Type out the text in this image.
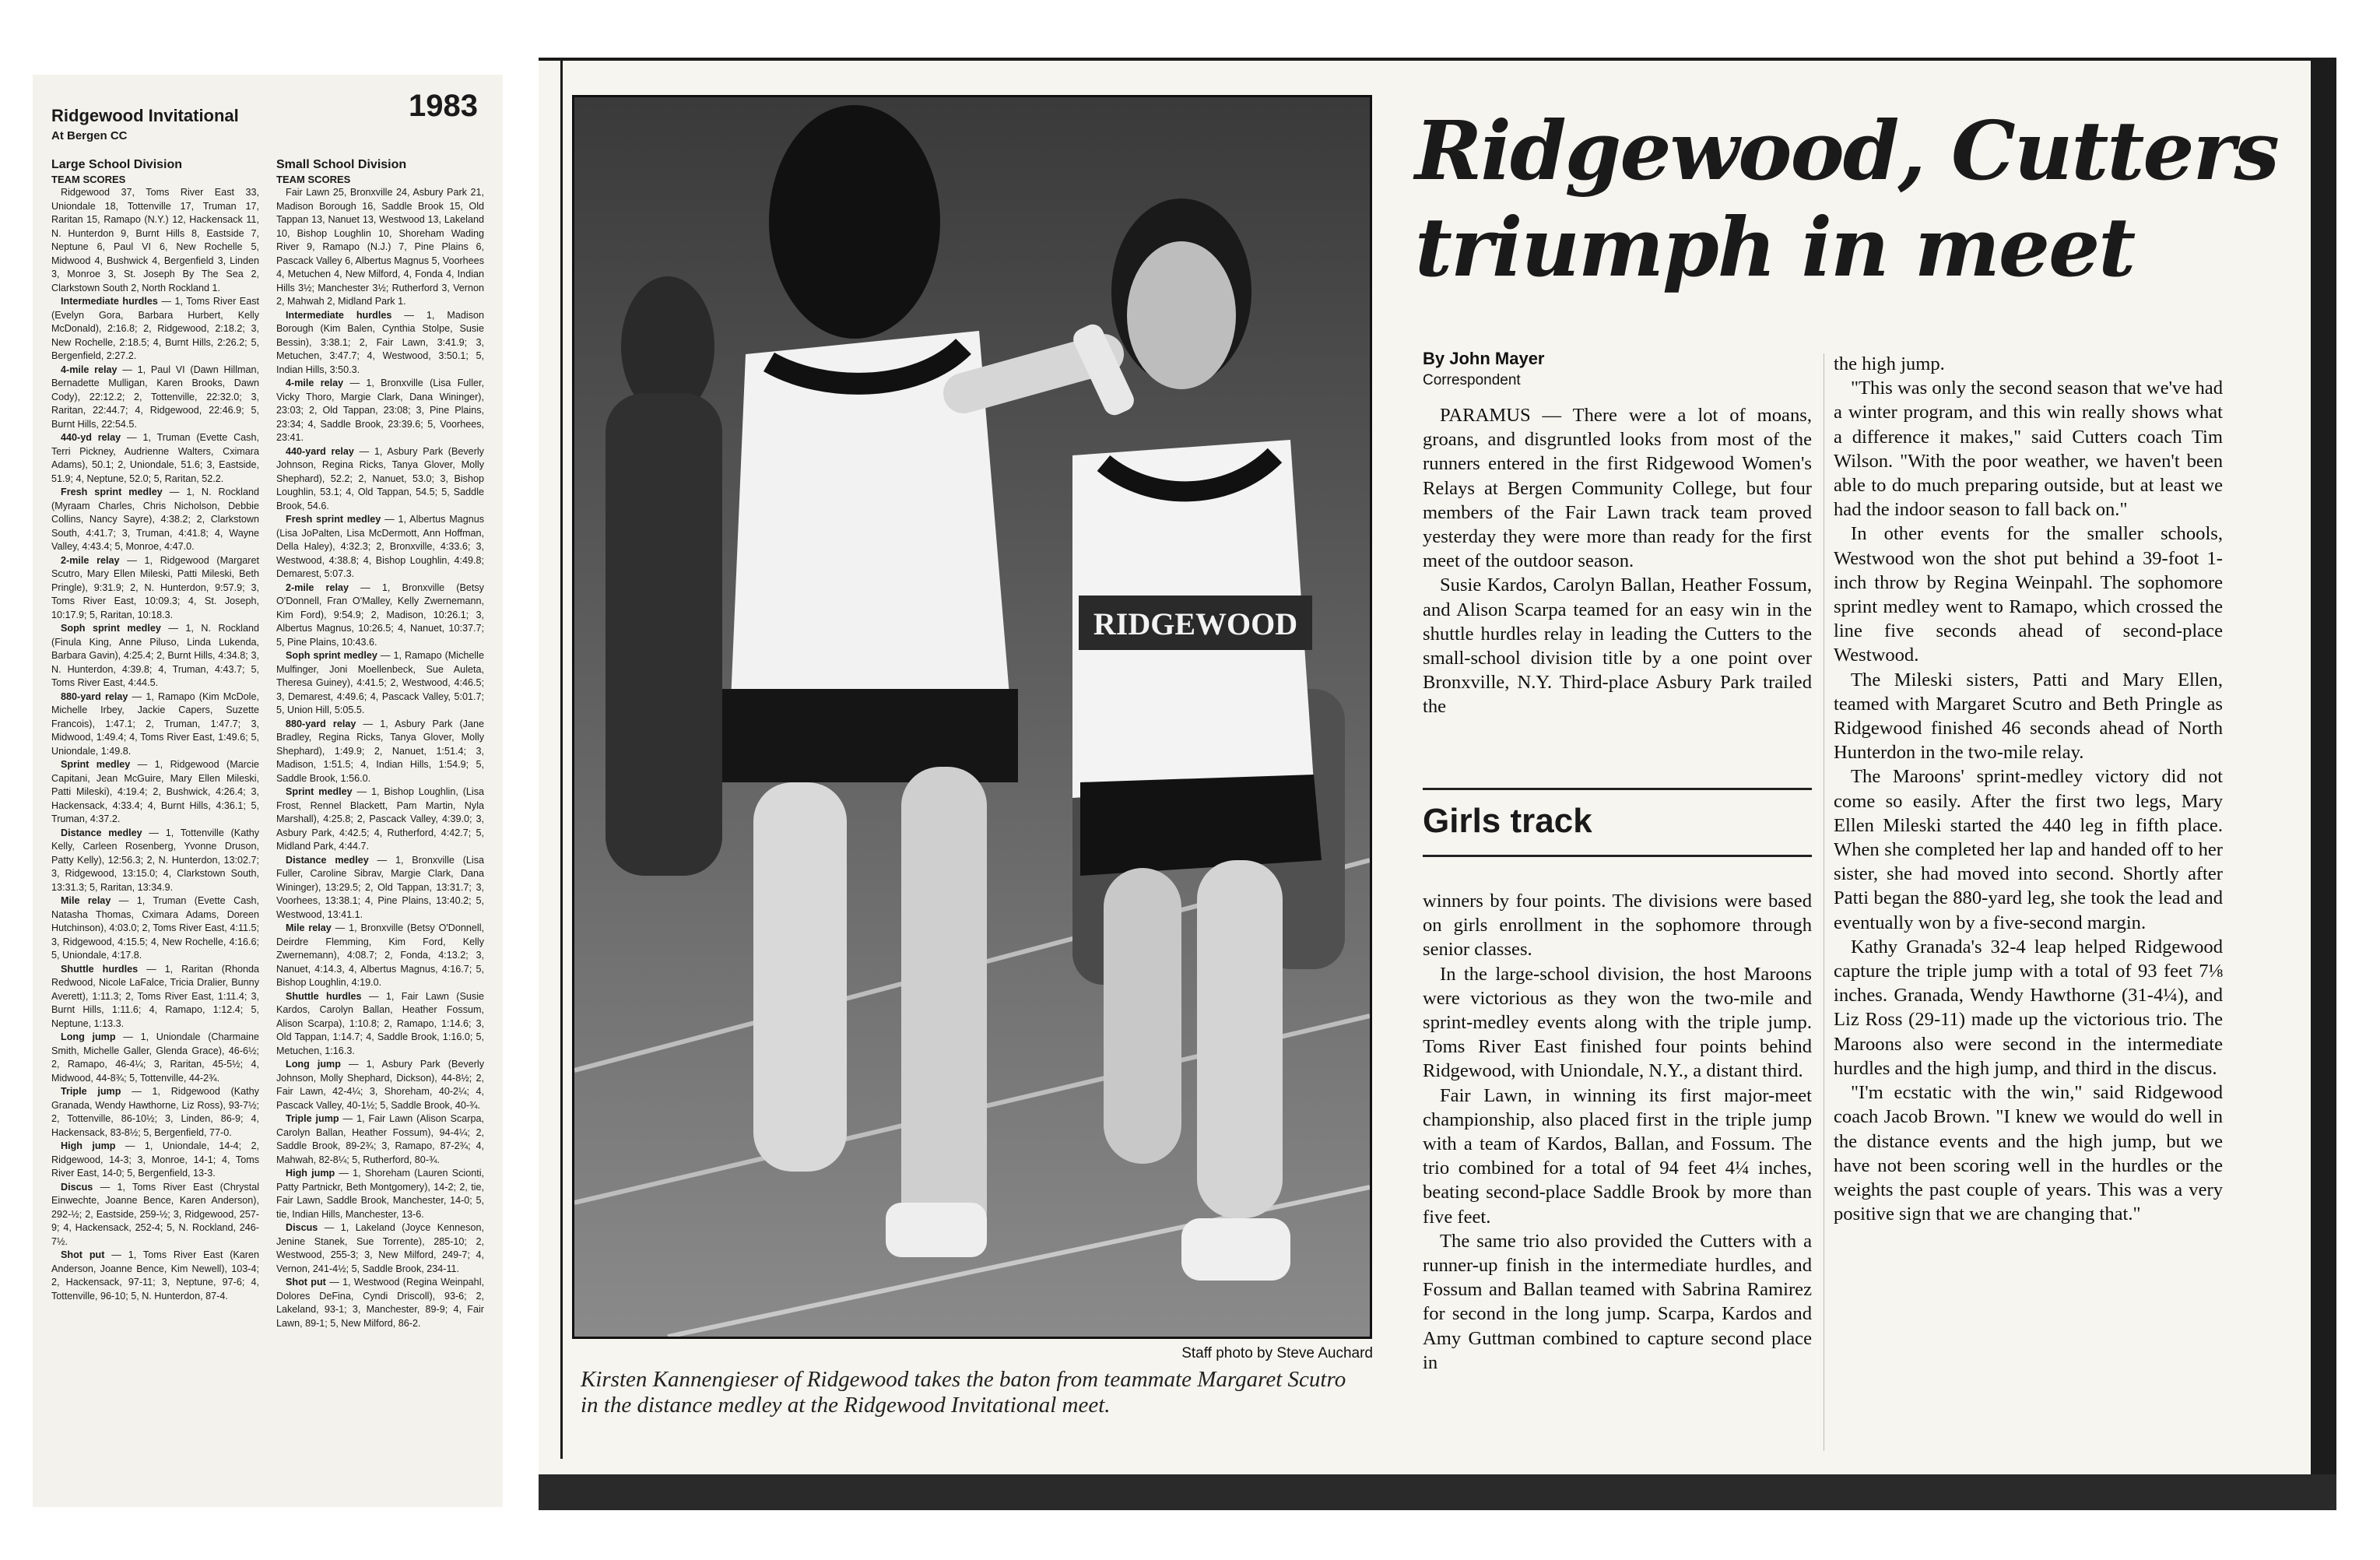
1983
Ridgewood Invitational
At Bergen CC
Large School Division
TEAM SCORES

Ridgewood 37, Toms River East 33, Uniondale 18, Tottenville 17, Truman 17, Raritan 15, Ramapo (N.Y.) 12, Hackensack 11, N. Hunterdon 9, Burnt Hills 8, Eastside 7, Neptune 6, Paul VI 6, New Rochelle 5, Midwood 4, Bushwick 4, Bergenfield 3, Linden 3, Monroe 3, St. Joseph By The Sea 2, Clarkstown South 2, North Rockland 1.

Intermediate hurdles — 1, Toms River East (Evelyn Gora, Barbara Hurbert, Kelly McDonald), 2:16.8; 2, Ridgewood, 2:18.2; 3, New Rochelle, 2:18.5; 4, Burnt Hills, 2:26.2; 5, Bergenfield, 2:27.2.

4-mile relay — 1, Paul VI (Dawn Hillman, Bernadette Mulligan, Karen Brooks, Dawn Cody), 22:12.2; 2, Tottenville, 22:32.0; 3, Raritan, 22:44.7; 4, Ridgewood, 22:46.9; 5, Burnt Hills, 22:54.5.

440-yd relay — 1, Truman (Evette Cash, Terri Pickney, Audrienne Walters, Cximara Adams), 50.1; 2, Uniondale, 51.6; 3, Eastside, 51.9; 4, Neptune, 52.0; 5, Raritan, 52.2.

Fresh sprint medley — 1, N. Rockland (Myraam Charles, Chris Nicholson, Debbie Collins, Nancy Sayre), 4:38.2; 2, Clarkstown South, 4:41.7; 3, Truman, 4:41.8; 4, Wayne Valley, 4:43.4; 5, Monroe, 4:47.0.

2-mile relay — 1, Ridgewood (Margaret Scutro, Mary Ellen Mileski, Patti Mileski, Beth Pringle), 9:31.9; 2, N. Hunterdon, 9:57.9; 3, Toms River East, 10:09.3; 4, St. Joseph, 10:17.9; 5, Raritan, 10:18.3.

Soph sprint medley — 1, N. Rockland (Finula King, Anne Piluso, Linda Lukenda, Barbara Gavin), 4:25.4; 2, Burnt Hills, 4:34.8; 3, N. Hunterdon, 4:39.8; 4, Truman, 4:43.7; 5, Toms River East, 4:44.5.

880-yard relay — 1, Ramapo (Kim McDole, Michelle Irbey, Jackie Capers, Suzette Francois), 1:47.1; 2, Truman, 1:47.7; 3, Midwood, 1:49.4; 4, Toms River East, 1:49.6; 5, Uniondale, 1:49.8.

Sprint medley — 1, Ridgewood (Marcie Capitani, Jean McGuire, Mary Ellen Mileski, Patti Mileski), 4:19.4; 2, Bushwick, 4:26.4; 3, Hackensack, 4:33.4; 4, Burnt Hills, 4:36.1; 5, Truman, 4:37.2.

Distance medley — 1, Tottenville (Kathy Kelly, Carleen Rosenberg, Yvonne Druson, Patty Kelly), 12:56.3; 2, N. Hunterdon, 13:02.7; 3, Ridgewood, 13:15.0; 4, Clarkstown South, 13:31.3; 5, Raritan, 13:34.9.

Mile relay — 1, Truman (Evette Cash, Natasha Thomas, Cximara Adams, Doreen Hutchinson), 4:03.0; 2, Toms River East, 4:11.5; 3, Ridgewood, 4:15.5; 4, New Rochelle, 4:16.6; 5, Uniondale, 4:17.8.

Shuttle hurdles — 1, Raritan (Rhonda Redwood, Nicole LaFalce, Tricia Dralier, Bunny Averett), 1:11.3; 2, Toms River East, 1:11.4; 3, Burnt Hills, 1:11.6; 4, Ramapo, 1:12.4; 5, Neptune, 1:13.3.

Long jump — 1, Uniondale (Charmaine Smith, Michelle Galler, Glenda Grace), 46-6½; 2, Ramapo, 46-4¼; 3, Raritan, 45-5½; 4, Midwood, 44-8¾; 5, Tottenville, 44-2¾.

Triple jump — 1, Ridgewood (Kathy Granada, Wendy Hawthorne, Liz Ross), 93-7½; 2, Tottenville, 86-10½; 3, Linden, 86-9; 4, Hackensack, 83-8½; 5, Bergenfield, 77-0.

High jump — 1, Uniondale, 14-4; 2, Ridgewood, 14-3; 3, Monroe, 14-1; 4, Toms River East, 14-0; 5, Bergenfield, 13-3.

Discus — 1, Toms River East (Chrystal Einwechte, Joanne Bence, Karen Anderson), 292-½; 2, Eastside, 259-½; 3, Ridgewood, 257-9; 4, Hackensack, 252-4; 5, N. Rockland, 246-7½.

Shot put — 1, Toms River East (Karen Anderson, Joanne Bence, Kim Newell), 103-4; 2, Hackensack, 97-11; 3, Neptune, 97-6; 4, Tottenville, 96-10; 5, N. Hunterdon, 87-4.

Small School Division
TEAM SCORES

Fair Lawn 25, Bronxville 24, Asbury Park 21, Madison Borough 16, Saddle Brook 15, Old Tappan 13, Nanuet 13, Westwood 13, Lakeland 10, Bishop Loughlin 10, Shoreham Wading River 9, Ramapo (N.J.) 7, Pine Plains 6, Pascack Valley 6, Albertus Magnus 5, Voorhees 4, Metuchen 4, New Milford, 4, Fonda 4, Indian Hills 3½; Manchester 3½; Rutherford 3, Vernon 2, Mahwah 2, Midland Park 1.

Intermediate hurdles — 1, Madison Borough (Kim Balen, Cynthia Stolpe, Susie Bessin), 3:38.1; 2, Fair Lawn, 3:41.9; 3, Metuchen, 3:47.7; 4, Westwood, 3:50.1; 5, Indian Hills, 3:50.3.

4-mile relay — 1, Bronxville (Lisa Fuller, Vicky Thoro, Margie Clark, Dana Wininger), 23:03; 2, Old Tappan, 23:08; 3, Pine Plains, 23:34; 4, Saddle Brook, 23:39.6; 5, Voorhees, 23:41.

440-yard relay — 1, Asbury Park (Beverly Johnson, Regina Ricks, Tanya Glover, Molly Shephard), 52.2; 2, Nanuet, 53.0; 3, Bishop Loughlin, 53.1; 4, Old Tappan, 54.5; 5, Saddle Brook, 54.6.

Fresh sprint medley — 1, Albertus Magnus (Lisa JoPalten, Lisa McDermott, Ann Hoffman, Della Haley), 4:32.3; 2, Bronxville, 4:33.6; 3, Westwood, 4:38.8; 4, Bishop Loughlin, 4:49.8; Demarest, 5:07.3.

2-mile relay — 1, Bronxville (Betsy O'Donnell, Fran O'Malley, Kelly Zwernemann, Kim Ford), 9:54.9; 2, Madison, 10:26.1; 3, Albertus Magnus, 10:26.5; 4, Nanuet, 10:37.7; 5, Pine Plains, 10:43.6.

Soph sprint medley — 1, Ramapo (Michelle Mulfinger, Joni Moellenbeck, Sue Auleta, Theresa Guiney), 4:41.5; 2, Westwood, 4:46.5; 3, Demarest, 4:49.6; 4, Pascack Valley, 5:01.7; 5, Union Hill, 5:05.5.

880-yard relay — 1, Asbury Park (Jane Bradley, Regina Ricks, Tanya Glover, Molly Shephard), 1:49.9; 2, Nanuet, 1:51.4; 3, Madison, 1:51.5; 4, Indian Hills, 1:54.9; 5, Saddle Brook, 1:56.0.

Sprint medley — 1, Bishop Loughlin, (Lisa Frost, Rennel Blackett, Pam Martin, Nyla Marshall), 4:25.8; 2, Pascack Valley, 4:39.0; 3, Asbury Park, 4:42.5; 4, Rutherford, 4:42.7; 5, Midland Park, 4:44.7.

Distance medley — 1, Bronxville (Lisa Fuller, Caroline Sibrav, Margie Clark, Dana Wininger), 13:29.5; 2, Old Tappan, 13:31.7; 3, Voorhees, 13:38.1; 4, Pine Plains, 13:40.2; 5, Westwood, 13:41.1.

Mile relay — 1, Bronxville (Betsy O'Donnell, Deirdre Flemming, Kim Ford, Kelly Zwernemann), 4:08.7; 2, Fonda, 4:13.2; 3, Nanuet, 4:14.3, 4, Albertus Magnus, 4:16.7; 5, Bishop Loughlin, 4:19.0.

Shuttle hurdles — 1, Fair Lawn (Susie Kardos, Carolyn Ballan, Heather Fossum, Alison Scarpa), 1:10.8; 2, Ramapo, 1:14.6; 3, Old Tappan, 1:14.7; 4, Saddle Brook, 1:16.0; 5, Metuchen, 1:16.3.

Long jump — 1, Asbury Park (Beverly Johnson, Molly Shephard, Dickson), 44-8½; 2, Fair Lawn, 42-4¼; 3, Shoreham, 40-2¼; 4, Pascack Valley, 40-1½; 5, Saddle Brook, 40-¾.

Triple jump — 1, Fair Lawn (Alison Scarpa, Carolyn Ballan, Heather Fossum), 94-4¼; 2, Saddle Brook, 89-2¾; 3, Ramapo, 87-2¾; 4, Mahwah, 82-8¼; 5, Rutherford, 80-¾.

High jump — 1, Shoreham (Lauren Scionti, Patty Partnickr, Beth Montgomery), 14-2; 2, tie, Fair Lawn, Saddle Brook, Manchester, 14-0; 5, tie, Indian Hills, Manchester, 13-6.

Discus — 1, Lakeland (Joyce Kenneson, Jenine Stanek, Sue Torrente), 285-10; 2, Westwood, 255-3; 3, New Milford, 249-7; 4, Vernon, 241-4½; 5, Saddle Brook, 234-11.

Shot put — 1, Westwood (Regina Weinpahl, Dolores DeFina, Cyndi Driscoll), 93-6; 2, Lakeland, 93-1; 3, Manchester, 89-9; 4, Fair Lawn, 89-1; 5, New Milford, 86-2.

RIDGEWOOD
Staff photo by Steve Auchard
Kirsten Kannengieser of Ridgewood takes the baton from teammate Margaret Scutro in the distance medley at the Ridgewood Invitational meet.
Ridgewood, Cutters
triumph in meet
By John Mayer
Correspondent

PARAMUS — There were a lot of moans, groans, and disgruntled looks from most of the runners entered in the first Ridgewood Women's Relays at Bergen Community College, but four members of the Fair Lawn track team proved yesterday they were more than ready for the first meet of the outdoor season.

Susie Kardos, Carolyn Ballan, Heather Fossum, and Alison Scarpa teamed for an easy win in the shuttle hurdles relay in leading the Cutters to the small-school division title by a one point over Bronxville, N.Y. Third-place Asbury Park trailed the

Girls track

winners by four points. The divisions were based on girls enrollment in the sophomore through senior classes.

In the large-school division, the host Maroons were victorious as they won the two-mile and sprint-medley events along with the triple jump. Toms River East finished four points behind Ridgewood, with Uniondale, N.Y., a distant third.

Fair Lawn, in winning its first major-meet championship, also placed first in the triple jump with a team of Kardos, Ballan, and Fossum. The trio combined for a total of 94 feet 4¼ inches, beating second-place Saddle Brook by more than five feet.

The same trio also provided the Cutters with a runner-up finish in the intermediate hurdles, and Fossum and Ballan teamed with Sabrina Ramirez for second in the long jump. Scarpa, Kardos and Amy Guttman combined to capture second place in

the high jump.

"This was only the second season that we've had a winter program, and this win really shows what a difference it makes," said Cutters coach Tim Wilson. "With the poor weather, we haven't been able to do much preparing outside, but at least we had the indoor season to fall back on."

In other events for the smaller schools, Westwood won the shot put behind a 39-foot 1-inch throw by Regina Weinpahl. The sophomore sprint medley went to Ramapo, which crossed the line five seconds ahead of second-place Westwood.

The Mileski sisters, Patti and Mary Ellen, teamed with Margaret Scutro and Beth Pringle as Ridgewood finished 46 seconds ahead of North Hunterdon in the two-mile relay.

The Maroons' sprint-medley victory did not come so easily. After the first two legs, Mary Ellen Mileski started the 440 leg in fifth place. When she completed her lap and handed off to her sister, she had moved into second. Shortly after Patti began the 880-yard leg, she took the lead and eventually won by a five-second margin.

Kathy Granada's 32-4 leap helped Ridgewood capture the triple jump with a total of 93 feet 7⅛ inches. Granada, Wendy Hawthorne (31-4¼), and Liz Ross (29-11) made up the victorious trio. The Maroons also were second in the intermediate hurdles and the high jump, and third in the discus.

"I'm ecstatic with the win," said Ridgewood coach Jacob Brown. "I knew we would do well in the distance events and the high jump, but we have not been scoring well in the hurdles or the weights the past couple of years. This was a very positive sign that we are changing that."
